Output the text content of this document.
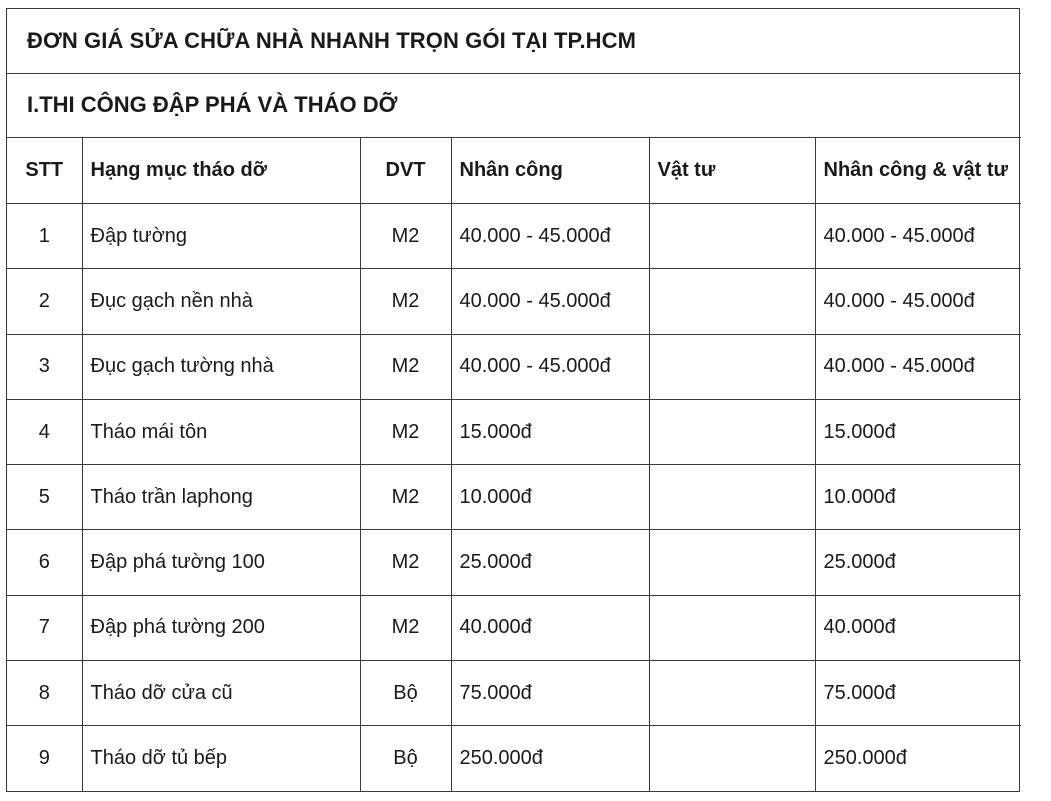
ĐƠN GIÁ SỬA CHỮA NHÀ NHANH TRỌN GÓI TẠI TP.HCM					
I.THI CÔNG ĐẬP PHÁ VÀ THÁO DỠ					
STT	Hạng mục tháo dỡ	DVT	Nhân công	Vật tư	Nhân công & vật tư
1	Đập tường	M2	40.000 - 45.000đ		40.000 - 45.000đ
2	Đục gạch nền nhà	M2	40.000 - 45.000đ		40.000 - 45.000đ
3	Đục gạch tường nhà	M2	40.000 - 45.000đ		40.000 - 45.000đ
4	Tháo mái tôn	M2	15.000đ		15.000đ
5	Tháo trần laphong	M2	10.000đ		10.000đ
6	Đập phá tường 100	M2	25.000đ		25.000đ
7	Đập phá tường 200	M2	40.000đ		40.000đ
8	Tháo dỡ cửa cũ	Bộ	75.000đ		75.000đ
9	Tháo dỡ tủ bếp	Bộ	250.000đ		250.000đ
